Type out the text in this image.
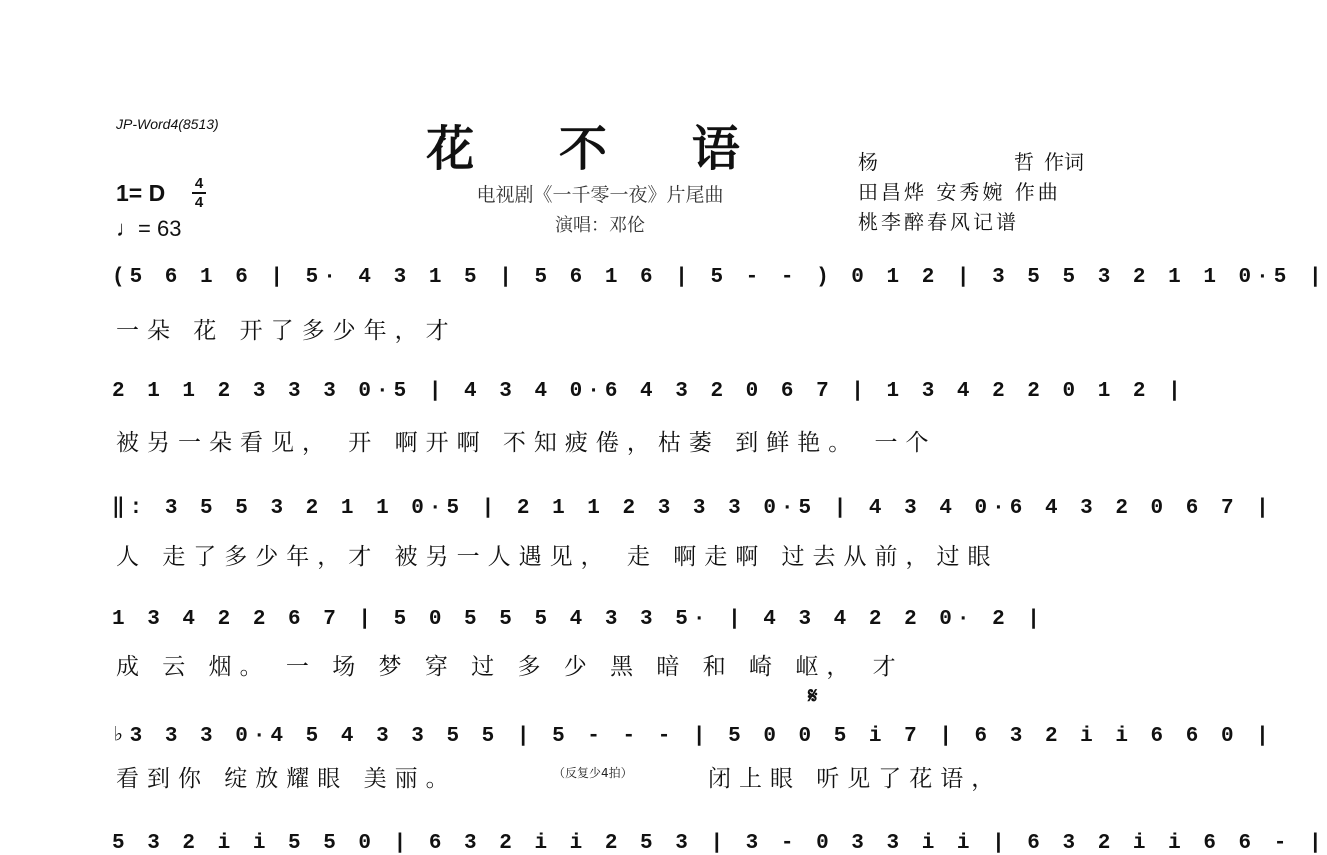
JP-Word4(8513)	花 不 语
电视剧《一千零一夜》片尾曲
演唱：邓伦
1= D 4
4
♩= 63
杨	哲 作词
田昌烨 安秀婉 作曲
桃李醉春风记谱
(5 6 1 6 | 5· 4 3 1 5 | 5 6 1 6 | 5 - - ) 0 1 2 | 3 5 5 3 2 1 1 0·5 |
一朵 花 开了多少年，才
2 1 1 2 3 3 3 0·5 | 4 3 4 0·6 4 3 2 0 6 7 | 1 3 4 2 2 0 1 2 |
被另一朵看见， 开 啊开啊 不知疲倦，枯萎 到鲜艳。 一个
‖: 3 5 5 3 2 1 1 0·5 | 2 1 1 2 3 3 3 0·5 | 4 3 4 0·6 4 3 2 0 6 7 |
人 走了多少年，才 被另一人遇见， 走 啊走啊 过去从前，过眼
1 3 4 2 2 6 7 | 5 0 5 5 5 4 3 3 5· | 4 3 4 2 2 0· 2 |
成 云 烟。 一 场 梦 穿 过 多 少 黑 暗 和 崎 岖， 才
𝄋
♭3 3 3 0·4 5 4 3 3 5 5 | 5 - - - | 5 0 0 5 i 7 | 6 3 2 i i 6 6 0 |
看到你 绽放耀眼 美丽。	（反复少4拍）	闭上眼 听见了花语，
5 3 2 i i 5 5 0 | 6 3 2 i i 2 5 3 | 3 - 0 3 3 i i | 6 3 2 i i 6 6 - |
